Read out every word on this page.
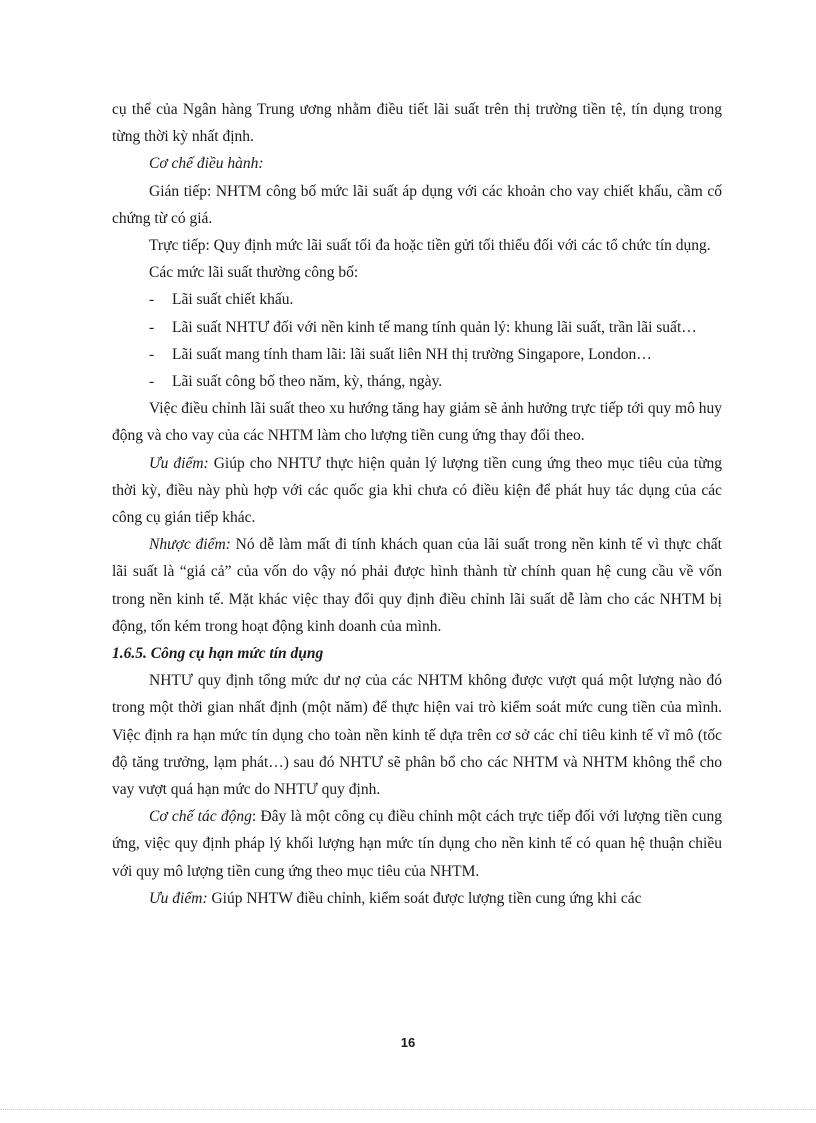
cụ thể của Ngân hàng Trung ương nhằm điều tiết lãi suất trên thị trường tiền tệ, tín dụng trong từng thời kỳ nhất định.

Cơ chế điều hành:

Gián tiếp: NHTM công bố mức lãi suất áp dụng với các khoản cho vay chiết khấu, cầm cố chứng từ có giá.

Trực tiếp: Quy định mức lãi suất tối đa hoặc tiền gửi tối thiểu đối với các tổ chức tín dụng.

Các mức lãi suất thường công bố:

- Lãi suất chiết khấu.

- Lãi suất NHTƯ đối với nền kinh tế mang tính quản lý: khung lãi suất, trần lãi suất…

- Lãi suất mang tính tham lãi: lãi suất liên NH thị trường Singapore, London…

- Lãi suất công bố theo năm, kỳ, tháng, ngày.

Việc điều chỉnh lãi suất theo xu hướng tăng hay giảm sẽ ảnh hưởng trực tiếp tới quy mô huy động và cho vay của các NHTM làm cho lượng tiền cung ứng thay đổi theo.

Ưu điểm: Giúp cho NHTƯ thực hiện quản lý lượng tiền cung ứng theo mục tiêu của từng thời kỳ, điều này phù hợp với các quốc gia khi chưa có điều kiện để phát huy tác dụng của các công cụ gián tiếp khác.

Nhược điểm: Nó dễ làm mất đi tính khách quan của lãi suất trong nền kinh tế vì thực chất lãi suất là “giá cả” của vốn do vậy nó phải được hình thành từ chính quan hệ cung cầu về vốn trong nền kinh tế. Mặt khác việc thay đổi quy định điều chỉnh lãi suất dễ làm cho các NHTM bị động, tốn kém trong hoạt động kinh doanh của mình.

1.6.5. Công cụ hạn mức tín dụng

NHTƯ quy định tổng mức dư nợ của các NHTM không được vượt quá một lượng nào đó trong một thời gian nhất định (một năm) để thực hiện vai trò kiểm soát mức cung tiền của mình. Việc định ra hạn mức tín dụng cho toàn nền kinh tế dựa trên cơ sở các chỉ tiêu kinh tế vĩ mô (tốc độ tăng trưởng, lạm phát…) sau đó NHTƯ sẽ phân bổ cho các NHTM và NHTM không thể cho vay vượt quá hạn mức do NHTƯ quy định.

Cơ chế tác động: Đây là một công cụ điều chỉnh một cách trực tiếp đối với lượng tiền cung ứng, việc quy định pháp lý khối lượng hạn mức tín dụng cho nền kinh tế có quan hệ thuận chiều với quy mô lượng tiền cung ứng theo mục tiêu của NHTM.

Ưu điểm: Giúp NHTW điều chỉnh, kiểm soát được lượng tiền cung ứng khi các

16
